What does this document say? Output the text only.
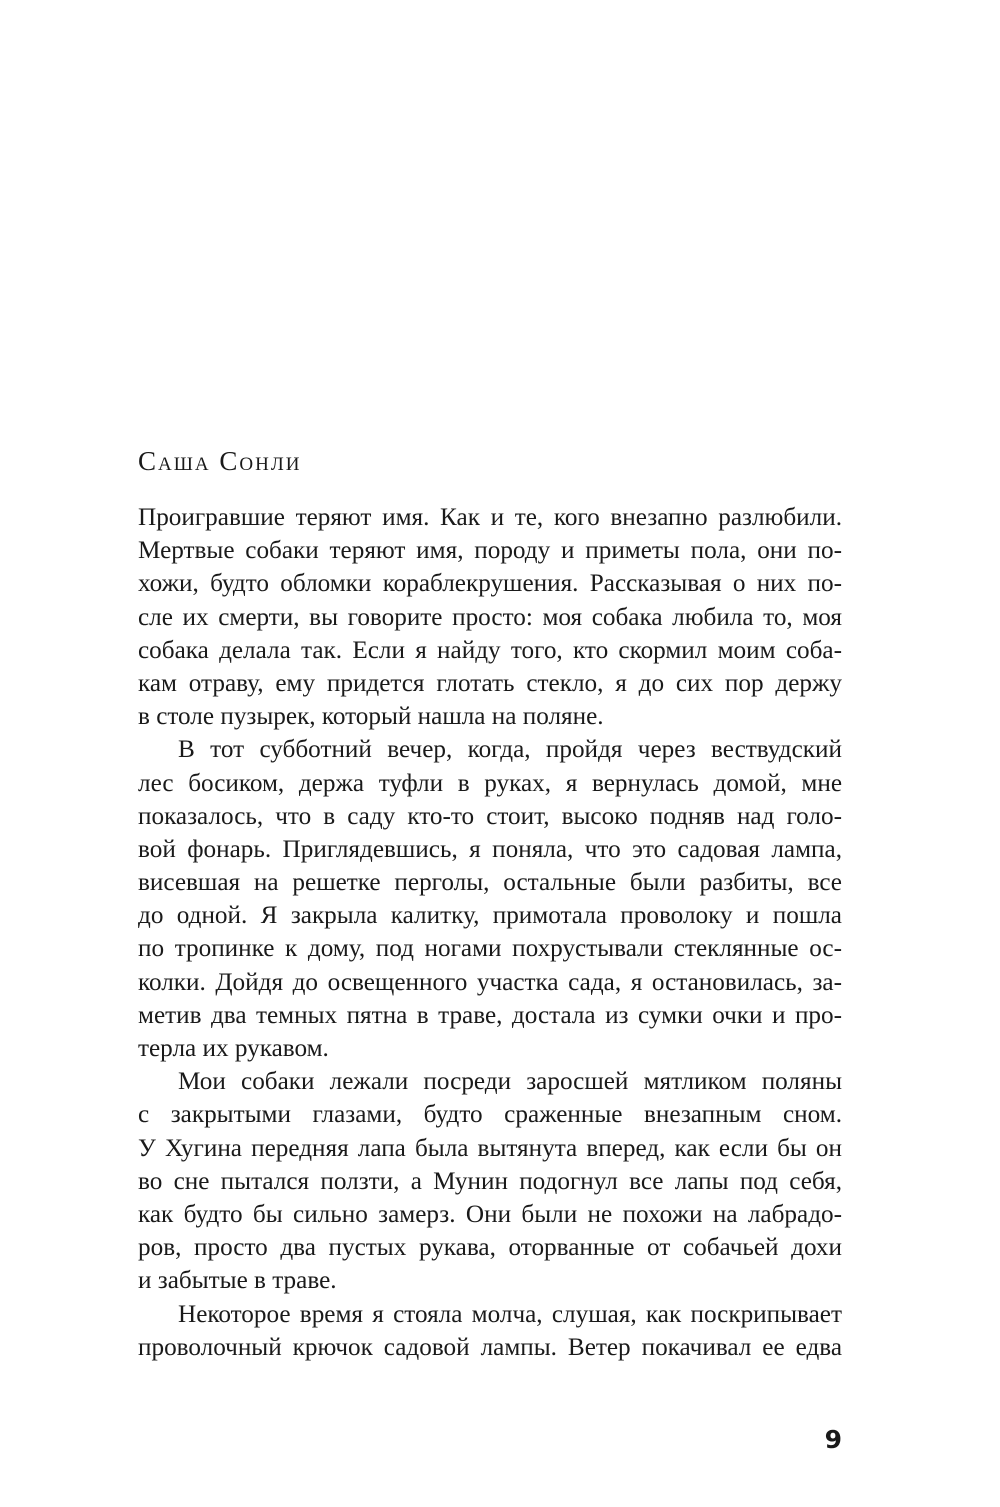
Саша Сонли
Проигравшие теряют имя. Как и те, кого внезапно разлюбили.
Мертвые собаки теряют имя, породу и приметы пола, они по-
хожи, будто обломки кораблекрушения. Рассказывая о них по-
сле их смерти, вы говорите просто: моя собака любила то, моя
собака делала так. Если я найду того, кто скормил моим соба-
кам отраву, ему придется глотать стекло, я до сих пор держу
в столе пузырек, который нашла на поляне.
В тот субботний вечер, когда, пройдя через вествудский
лес босиком, держа туфли в руках, я вернулась домой, мне
показалось, что в саду кто-то стоит, высоко подняв над голо-
вой фонарь. Приглядевшись, я поняла, что это садовая лампа,
висевшая на решетке перголы, остальные были разбиты, все
до одной. Я закрыла калитку, примотала проволоку и пошла
по тропинке к дому, под ногами похрустывали стеклянные ос-
колки. Дойдя до освещенного участка сада, я остановилась, за-
метив два темных пятна в траве, достала из сумки очки и про-
терла их рукавом.
Мои собаки лежали посреди заросшей мятликом поляны
с закрытыми глазами, будто сраженные внезапным сном.
У Хугина передняя лапа была вытянута вперед, как если бы он
во сне пытался ползти, а Мунин подогнул все лапы под себя,
как будто бы сильно замерз. Они были не похожи на лабрадо-
ров, просто два пустых рукава, оторванные от собачьей дохи
и забытые в траве.
Некоторое время я стояла молча, слушая, как поскрипывает
проволочный крючок садовой лампы. Ветер покачивал ее едва
9
